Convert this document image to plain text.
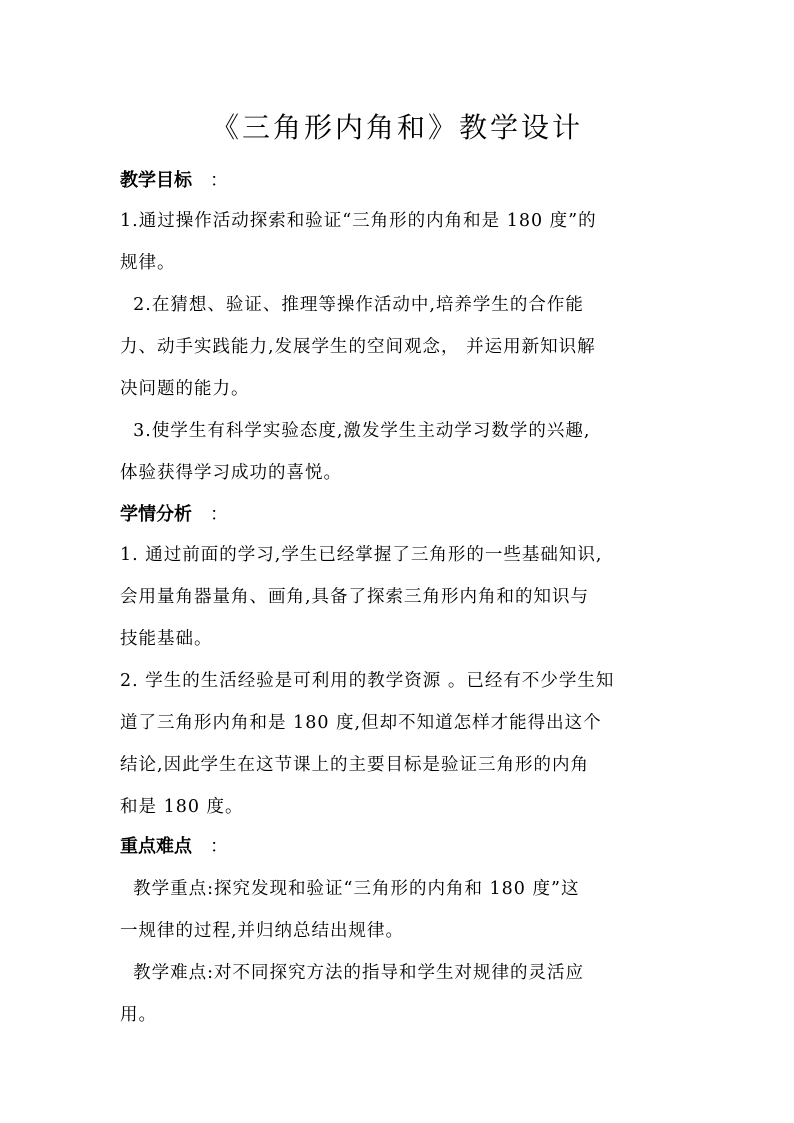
《三角形内角和》教学设计
教学目标 ：
1.通过操作活动探索和验证“三角形的内角和是 180 度”的
规律。
2.在猜想、验证、推理等操作活动中,培养学生的合作能
力、动手实践能力,发展学生的空间观念， 并运用新知识解
决问题的能力。
3.使学生有科学实验态度,激发学生主动学习数学的兴趣,
体验获得学习成功的喜悦。
学情分析 ：
1. 通过前面的学习,学生已经掌握了三角形的一些基础知识,
会用量角器量角、画角,具备了探索三角形内角和的知识与
技能基础。
2. 学生的生活经验是可利用的教学资源 。已经有不少学生知
道了三角形内角和是 180 度,但却不知道怎样才能得出这个
结论,因此学生在这节课上的主要目标是验证三角形的内角
和是 180 度。
重点难点 ：
教学重点:探究发现和验证“三角形的内角和 180 度”这
一规律的过程,并归纳总结出规律。
教学难点:对不同探究方法的指导和学生对规律的灵活应
用。
